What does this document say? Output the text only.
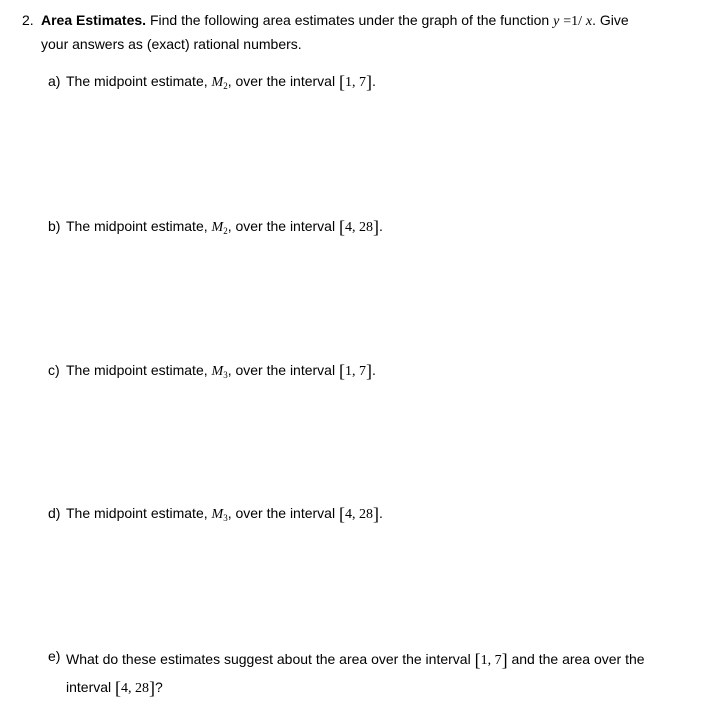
2. Area Estimates. Find the following area estimates under the graph of the function y =1/ x. Give
your answers as (exact) rational numbers.
a) The midpoint estimate, $M_2$, over the interval [1, 7].
b) The midpoint estimate, $M_2$, over the interval [4, 28].
c) The midpoint estimate, $M_3$, over the interval [1, 7].
d) The midpoint estimate, $M_3$, over the interval [4, 28].
e) What do these estimates suggest about the area over the interval [1, 7] and the area over the
interval [4, 28]?
